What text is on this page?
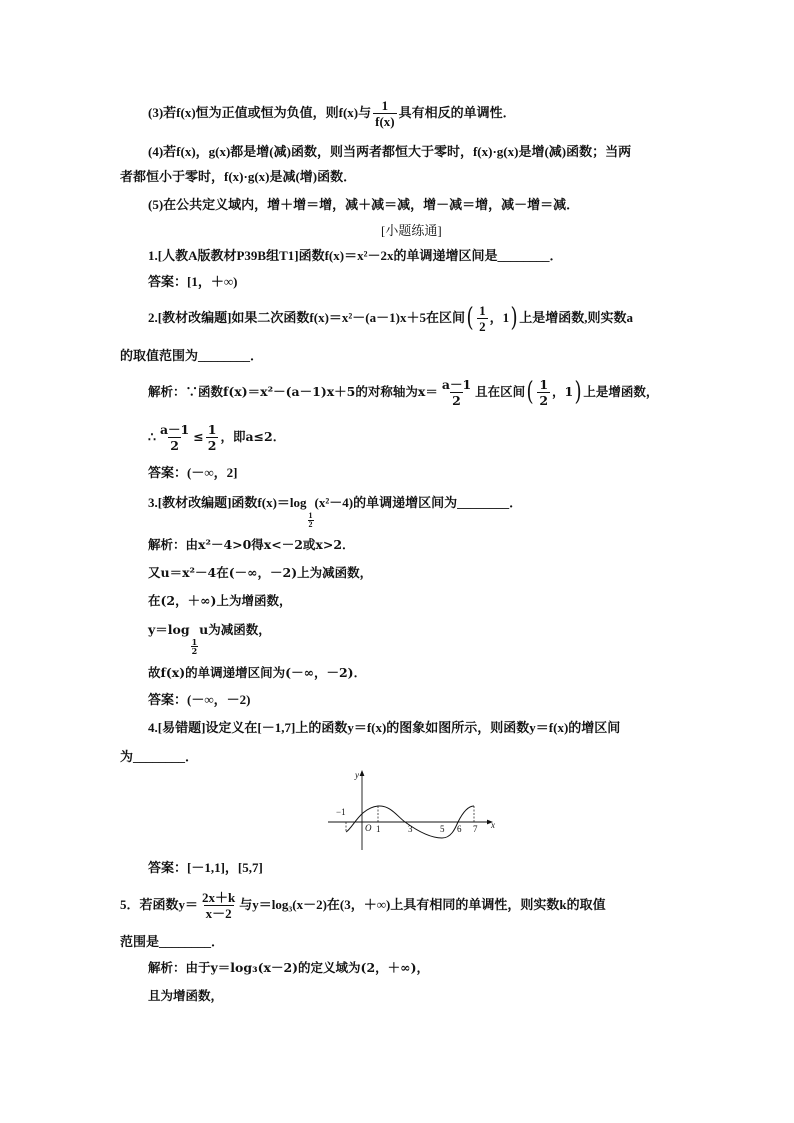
(3)若f(x)恒为正值或恒为负值，则f(x)与 $\frac{1}{f(x)}$ 具有相反的单调性．
(4)若f(x)，g(x)都是增(减)函数，则当两者都恒大于零时，f(x)·g(x)是增(减)函数；当两
者都恒小于零时，f(x)·g(x)是减(增)函数．
(5)在公共定义域内，增＋增＝增，减＋减＝减，增－减＝增，减－增＝减．
[小题练通]
1.[人教A版教材P39B组T1]函数f(x)＝x²－2x的单调递增区间是________．
答案：[1，＋∞)
2.[教材改编题]如果二次函数f(x)＝x²－(a－1)x＋5在区间 ( $\frac{1}{2}$ ，1 ) 上是增函数,则实数a
的取值范围为________．
解析： ∵函数f(x)＝x²－(a－1)x＋5的对称轴为$x= \frac{a-1}{2}$ 且在区间 ( $\frac{1}{2}$ ，1 ) 上是增函数，
∴ $\frac{a-1}{2} \le \frac{1}{2}$ ，即a≤2．
答案：(－∞，2]
3.[教材改编题]函数f(x)＝log
$\frac{1}{2}$
(x²－4)的单调递增区间为________．
解析：由x²－4>0得x<－2或x>2．
又u＝x²－4在(－∞，－2)上为减函数，
在(2，＋∞)上为增函数，
y＝log
$\frac{1}{2}$
u为减函数，
故f(x)的单调递增区间为(－∞，－2)．
答案：(－∞，－2)
4.[易错题]设定义在[－1,7]上的函数y＝f(x)的图象如图所示，则函数y＝f(x)的增区间
为________．
y
x
O
−1
1	3	5 6 7
答案：[－1,1]，[5,7]
5．若函数$y= \frac{2x+k}{x-2}$ 与y＝log₃(x－2)在(3，＋∞)上具有相同的单调性，则实数k的取值
范围是________．
解析：由于y＝log₃(x－2)的定义域为(2，＋∞)，
且为增函数，
